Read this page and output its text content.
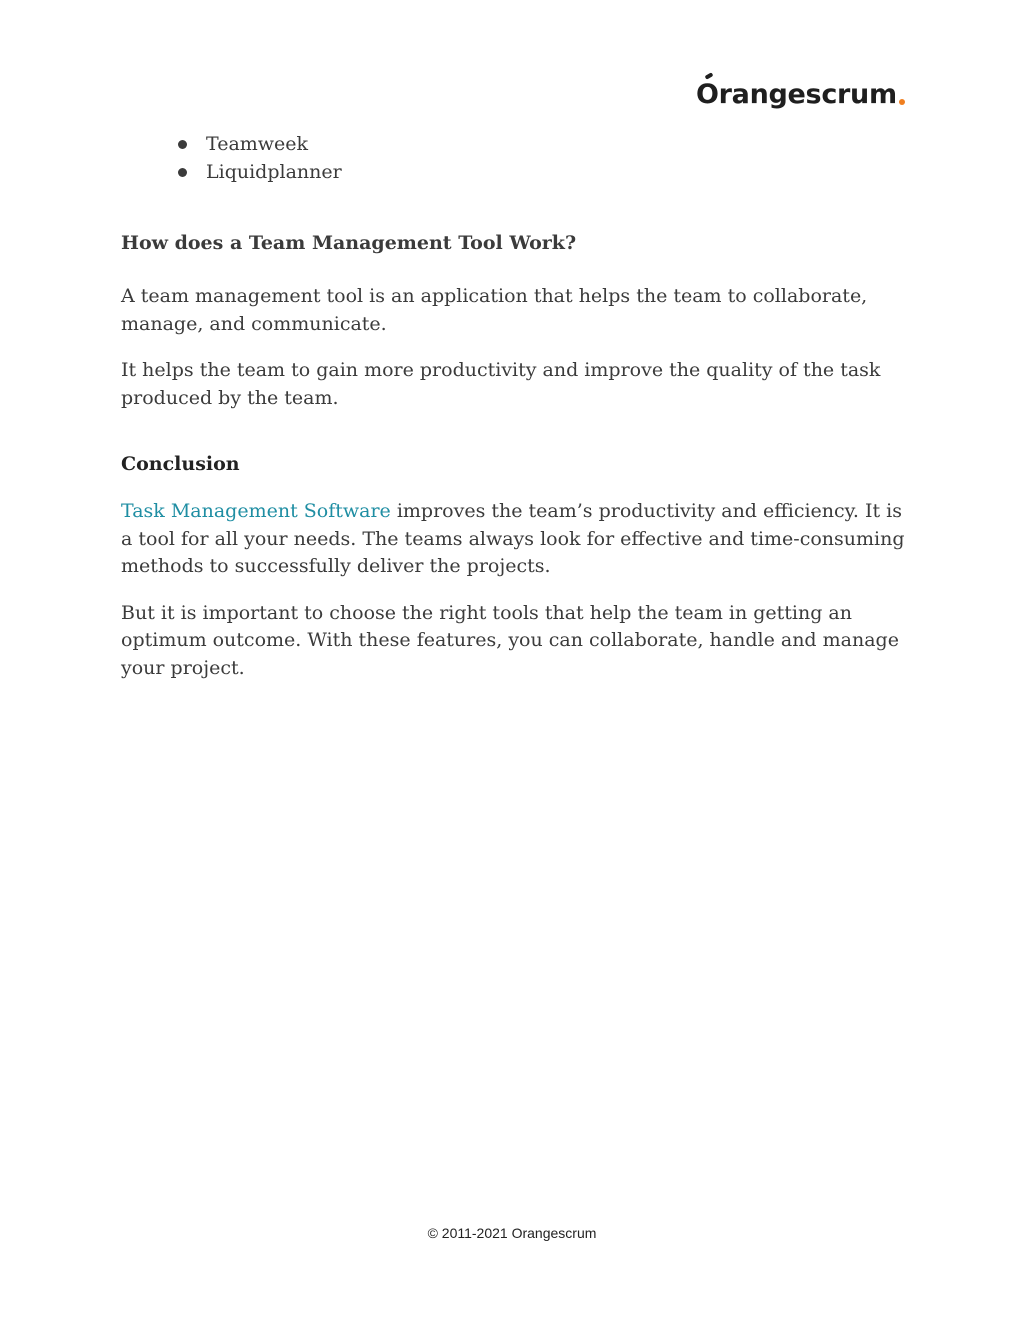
O rangescrum
Teamweek
Liquidplanner
How does a Team Management Tool Work?

A team management tool is an application that helps the team to collaborate, manage, and communicate.

It helps the team to gain more productivity and improve the quality of the task produced by the team.

Conclusion

Task Management Software improves the team’s productivity and efficiency. It is a tool for all your needs. The teams always look for effective and time-consuming methods to successfully deliver the projects.

But it is important to choose the right tools that help the team in getting an optimum outcome. With these features, you can collaborate, handle and manage your project.

© 2011-2021 Orangescrum
